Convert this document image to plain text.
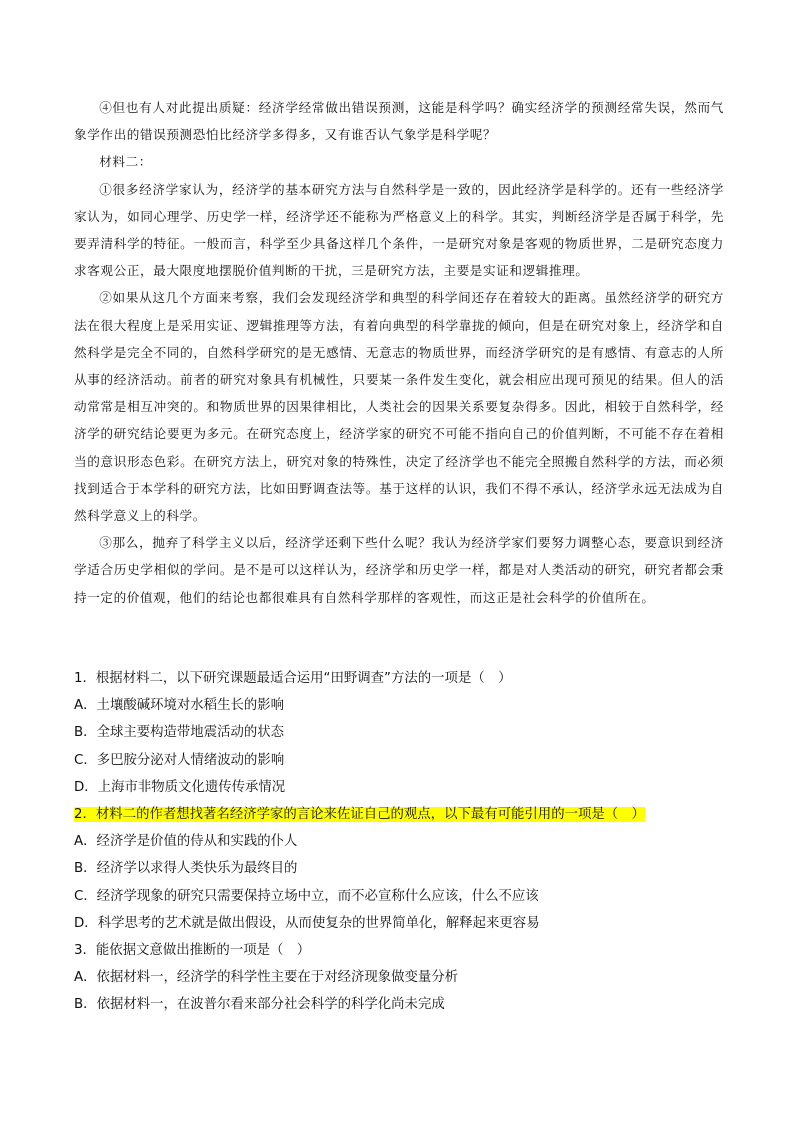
④但也有人对此提出质疑：经济学经常做出错误预测，这能是科学吗？确实经济学的预测经常失误，然而气象学作出的错误预测恐怕比经济学多得多，又有谁否认气象学是科学呢？

材料二：

①很多经济学家认为，经济学的基本研究方法与自然科学是一致的，因此经济学是科学的。还有一些经济学家认为，如同心理学、历史学一样，经济学还不能称为严格意义上的科学。其实，判断经济学是否属于科学，先要弄清科学的特征。一般而言，科学至少具备这样几个条件，一是研究对象是客观的物质世界，二是研究态度力求客观公正，最大限度地摆脱价值判断的干扰，三是研究方法，主要是实证和逻辑推理。

②如果从这几个方面来考察，我们会发现经济学和典型的科学间还存在着较大的距离。虽然经济学的研究方法在很大程度上是采用实证、逻辑推理等方法，有着向典型的科学靠拢的倾向，但是在研究对象上，经济学和自然科学是完全不同的，自然科学研究的是无感情、无意志的物质世界，而经济学研究的是有感情、有意志的人所从事的经济活动。前者的研究对象具有机械性，只要某一条件发生变化，就会相应出现可预见的结果。但人的活动常常是相互冲突的。和物质世界的因果律相比，人类社会的因果关系要复杂得多。因此，相较于自然科学，经济学的研究结论要更为多元。在研究态度上，经济学家的研究不可能不指向自己的价值判断，不可能不存在着相当的意识形态色彩。在研究方法上，研究对象的特殊性，决定了经济学也不能完全照搬自然科学的方法，而必须找到适合于本学科的研究方法，比如田野调查法等。基于这样的认识，我们不得不承认，经济学永远无法成为自然科学意义上的科学。

③那么，抛弃了科学主义以后，经济学还剩下些什么呢？我认为经济学家们要努力调整心态，要意识到经济学适合历史学相似的学问。是不是可以这样认为，经济学和历史学一样，都是对人类活动的研究，研究者都会秉持一定的价值观，他们的结论也都很难具有自然科学那样的客观性，而这正是社会科学的价值所在。

1．根据材料二，以下研究课题最适合运用“田野调查”方法的一项是（　）

A．土壤酸碱环境对水稻生长的影响

B．全球主要构造带地震活动的状态

C．多巴胺分泌对人情绪波动的影响

D．上海市非物质文化遗传传承情况

2．材料二的作者想找著名经济学家的言论来佐证自己的观点，以下最有可能引用的一项是（　）

A．经济学是价值的侍从和实践的仆人

B．经济学以求得人类快乐为最终目的

C．经济学现象的研究只需要保持立场中立，而不必宣称什么应该，什么不应该

D．科学思考的艺术就是做出假设，从而使复杂的世界简单化，解释起来更容易

3．能依据文意做出推断的一项是（　）

A．依据材料一，经济学的科学性主要在于对经济现象做变量分析

B．依据材料一，在波普尔看来部分社会科学的科学化尚未完成
